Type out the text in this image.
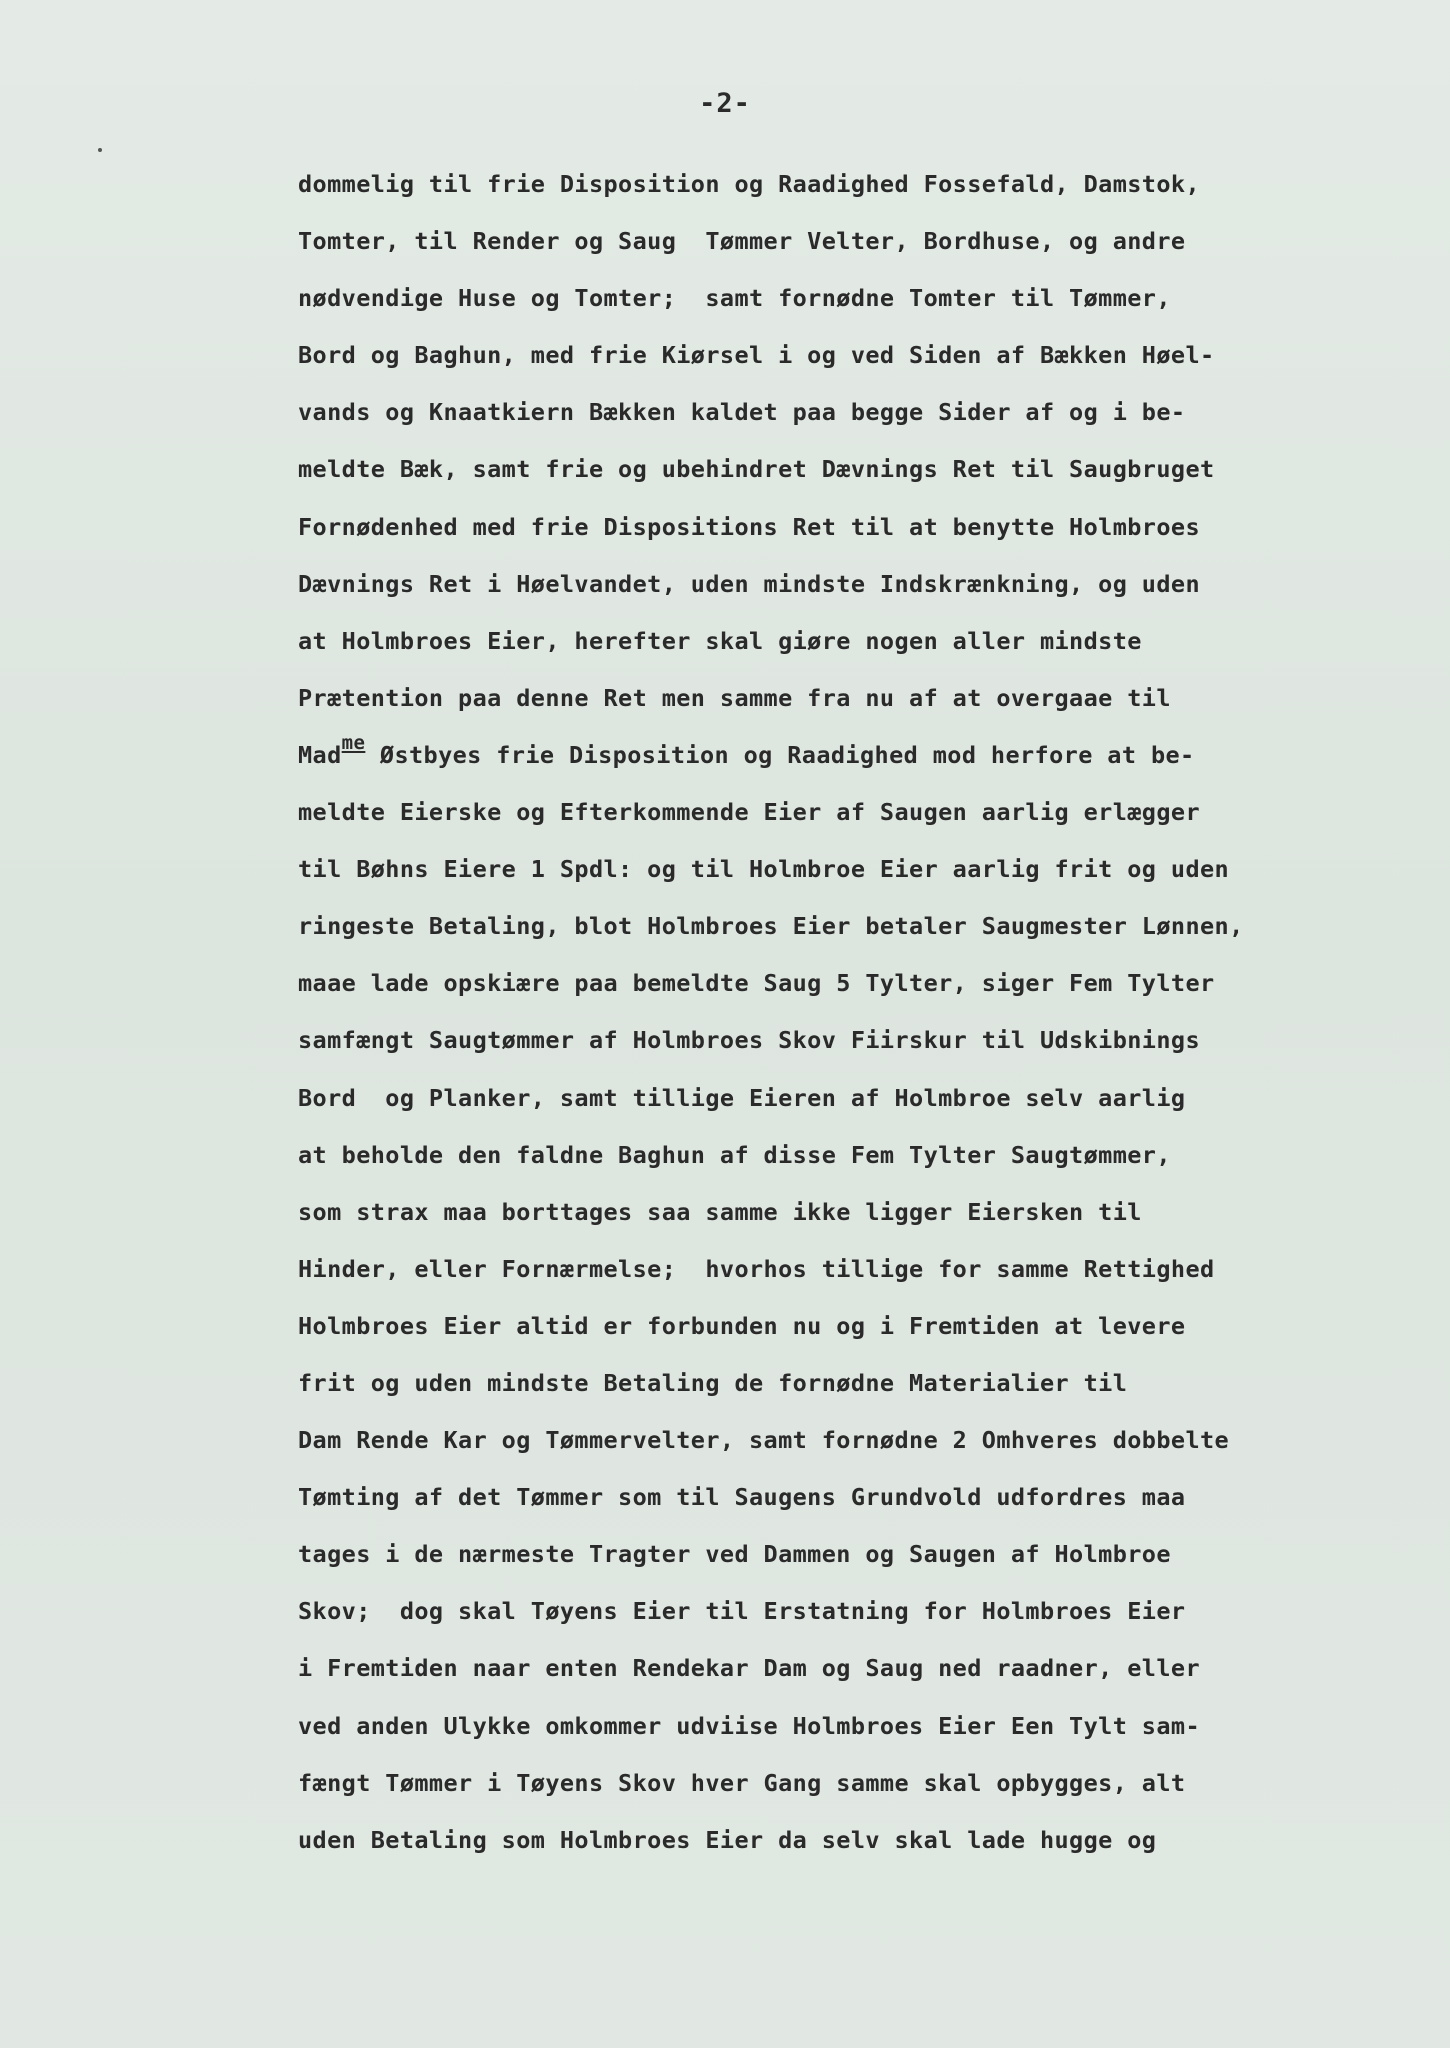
-2-
dommelig til frie Disposition og Raadighed Fossefald, Damstok,
Tomter, til Render og Saug  Tømmer Velter, Bordhuse, og andre
nødvendige Huse og Tomter;  samt fornødne Tomter til Tømmer,
Bord og Baghun, med frie Kiørsel i og ved Siden af Bækken Høel-
vands og Knaatkiern Bækken kaldet paa begge Sider af og i be-
meldte Bæk, samt frie og ubehindret Dævnings Ret til Saugbruget
Fornødenhed med frie Dispositions Ret til at benytte Holmbroes
Dævnings Ret i Høelvandet, uden mindste Indskrænkning, og uden
at Holmbroes Eier, herefter skal giøre nogen aller mindste
Prætention paa denne Ret men samme fra nu af at overgaae til
Mad$^{me}$ Østbyes frie Disposition og Raadighed mod herfore at be-
meldte Eierske og Efterkommende Eier af Saugen aarlig erlægger
til Bøhns Eiere 1 Spdl: og til Holmbroe Eier aarlig frit og uden
ringeste Betaling, blot Holmbroes Eier betaler Saugmester Lønnen,
maae lade opskiære paa bemeldte Saug 5 Tylter, siger Fem Tylter
samfængt Saugtømmer af Holmbroes Skov Fiirskur til Udskibnings
Bord  og Planker, samt tillige Eieren af Holmbroe selv aarlig
at beholde den faldne Baghun af disse Fem Tylter Saugtømmer,
som strax maa borttages saa samme ikke ligger Eiersken til
Hinder, eller Fornærmelse;  hvorhos tillige for samme Rettighed
Holmbroes Eier altid er forbunden nu og i Fremtiden at levere
frit og uden mindste Betaling de fornødne Materialier til
Dam Rende Kar og Tømmervelter, samt fornødne 2 Omhveres dobbelte
Tømting af det Tømmer som til Saugens Grundvold udfordres maa
tages i de nærmeste Tragter ved Dammen og Saugen af Holmbroe
Skov;  dog skal Tøyens Eier til Erstatning for Holmbroes Eier
i Fremtiden naar enten Rendekar Dam og Saug ned raadner, eller
ved anden Ulykke omkommer udviise Holmbroes Eier Een Tylt sam-
fængt Tømmer i Tøyens Skov hver Gang samme skal opbygges, alt
uden Betaling som Holmbroes Eier da selv skal lade hugge og
